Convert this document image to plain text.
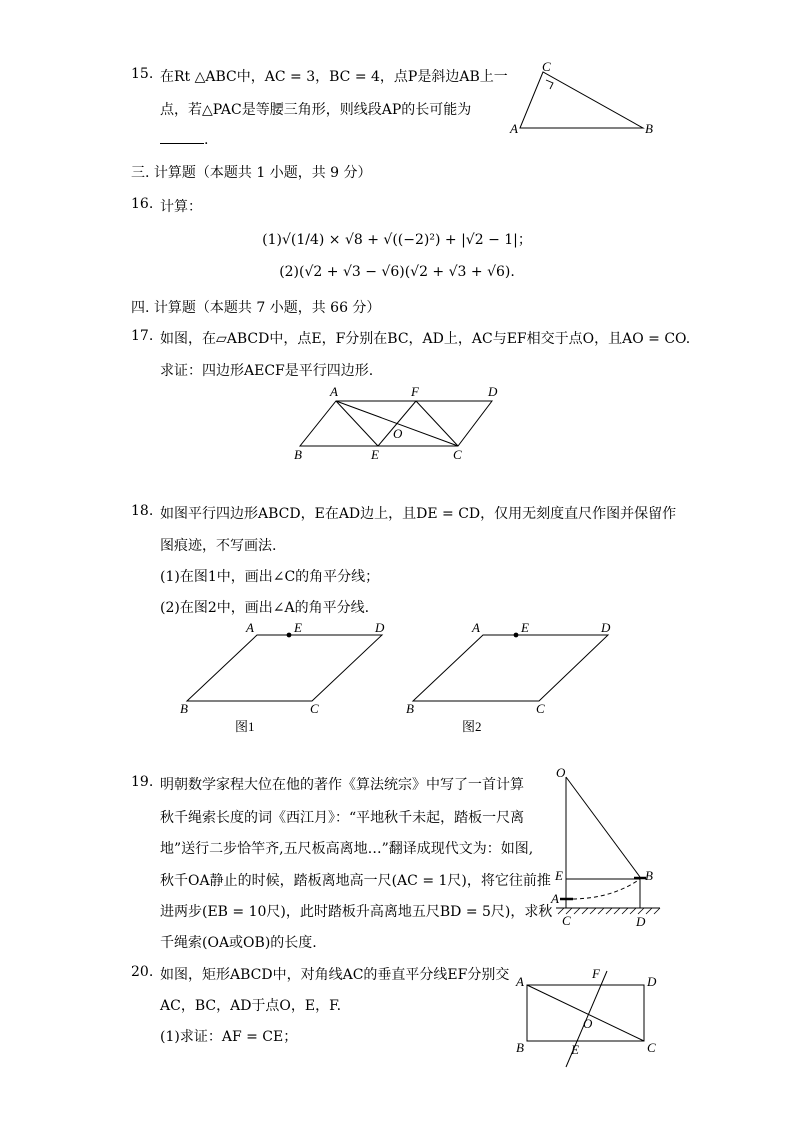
15. 在Rt △ABC中，AC = 3，BC = 4，点P是斜边AB上一
点，若△PAC是等腰三角形，则线段AP的长可能为
.
C
A	B
三. 计算题（本题共 1 小题，共 9 分）
16. 计算：
(1)√(1/4) × √8 + √((−2)²) + |√2 − 1|；
(2)(√2 + √3 − √6)(√2 + √3 + √6).
四. 计算题（本题共 7 小题，共 66 分）
17. 如图，在▱ABCD中，点E，F分别在BC，AD上，AC与EF相交于点O，且AO = CO.
求证：四边形AECF是平行四边形.
A	F	D
O
B	E	C
18. 如图平行四边形ABCD，E在AD边上，且DE = CD，仅用无刻度直尺作图并保留作
图痕迹，不写画法.
(1)在图1中，画出∠C的角平分线；
(2)在图2中，画出∠A的角平分线.
A	E	D
B	C
图1
A	E	D
B	C
图2
19. 明朝数学家程大位在他的著作《算法统宗》中写了一首计算
秋千绳索长度的词《西江月》：“平地秋千未起，踏板一尺离
地”送行二步恰竿齐,五尺板高离地…”翻译成现代文为：如图,
秋千OA静止的时候，踏板离地高一尺(AC = 1尺)，将它往前推
进两步(EB = 10尺)，此时踏板升高离地五尺BD = 5尺)，求秋
千绳索(OA或OB)的长度.
O
E	B
A
C	D
20. 如图，矩形ABCD中，对角线AC的垂直平分线EF分别交
AC，BC，AD于点O，E，F.
(1)求证：AF = CE；
F
A	D
O
B	E	C
